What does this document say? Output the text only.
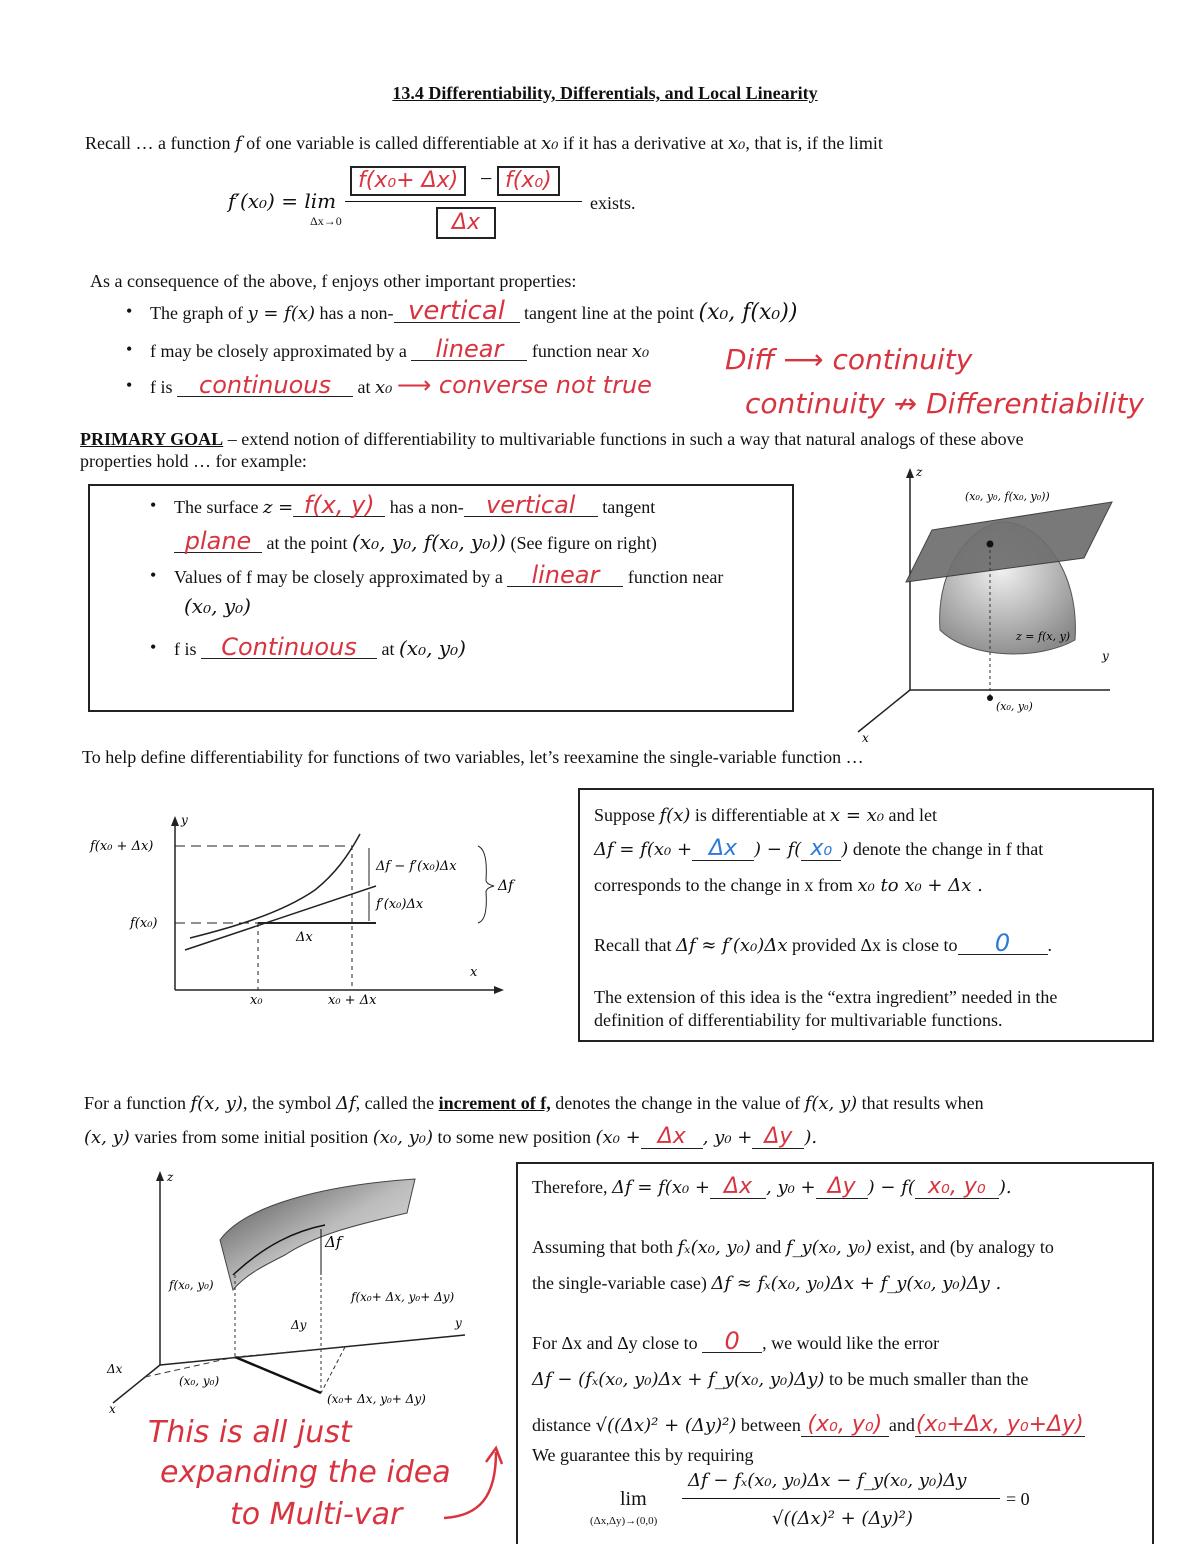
13.4 Differentiability, Differentials, and Local Linearity
Recall … a function f of one variable is called differentiable at x₀ if it has a derivative at x₀, that is, if the limit
f′(x₀) = lim
Δx→0
f(x₀+ Δx) − f(x₀)
Δx
exists.
As a consequence of the above, f enjoys other important properties:
• The graph of y = f(x) has a non- vertical tangent line at the point (x₀, f(x₀))
• f may be closely approximated by a linear function near x₀
• f is continuous at x₀ ⟶ converse not true
Diff ⟶ continuity
continuity ↛ Differentiability
PRIMARY GOAL – extend notion of differentiability to multivariable functions in such a way that natural analogs of these above
properties hold … for example:
• The surface z = f(x, y) has a non- vertical tangent
plane at the point (x₀, y₀, f(x₀, y₀)) (See figure on right)
• Values of f may be closely approximated by a linear function near
(x₀, y₀)
• f is Continuous at (x₀, y₀)
z
x
y
(x₀, y₀, f(x₀, y₀))
z = f(x, y)
(x₀, y₀)
To help define differentiability for functions of two variables, let’s reexamine the single-variable function …
y
x
f(x₀ + Δx)
f(x₀)
x₀	x₀ + Δx
Δx
Δf − f′(x₀)Δx
f′(x₀)Δx
Δf
Suppose f(x) is differentiable at x = x₀ and let
Δf = f(x₀ + Δx ) − f( x₀ ) denote the change in f that
corresponds to the change in x from x₀ to x₀ + Δx .
Recall that Δf ≈ f′(x₀)Δx provided Δx is close to 0 .
The extension of this idea is the “extra ingredient” needed in the
definition of differentiability for multivariable functions.
For a function f(x, y), the symbol Δf, called the increment of f, denotes the change in the value of f(x, y) that results when
(x, y) varies from some initial position (x₀, y₀) to some new position (x₀ + Δx , y₀ + Δy ).
z
x
y
Δf
f(x₀, y₀)
f(x₀+ Δx, y₀+ Δy)
Δx
Δy
(x₀, y₀)
(x₀+ Δx, y₀+ Δy)
This is all just
expanding the idea
to Multi-var
Therefore, Δf = f(x₀ + Δx , y₀ + Δy ) − f( x₀, y₀ ).
Assuming that both fₓ(x₀, y₀) and f_y(x₀, y₀) exist, and (by analogy to
the single-variable case) Δf ≈ fₓ(x₀, y₀)Δx + f_y(x₀, y₀)Δy .
For Δx and Δy close to 0 , we would like the error
Δf − (fₓ(x₀, y₀)Δx + f_y(x₀, y₀)Δy) to be much smaller than the
distance √((Δx)² + (Δy)²) between (x₀, y₀) and(x₀+Δx, y₀+Δy)
We guarantee this by requiring
lim
(Δx,Δy)→(0,0)
Δf − fₓ(x₀, y₀)Δx − f_y(x₀, y₀)Δy
√((Δx)² + (Δy)²)
= 0
